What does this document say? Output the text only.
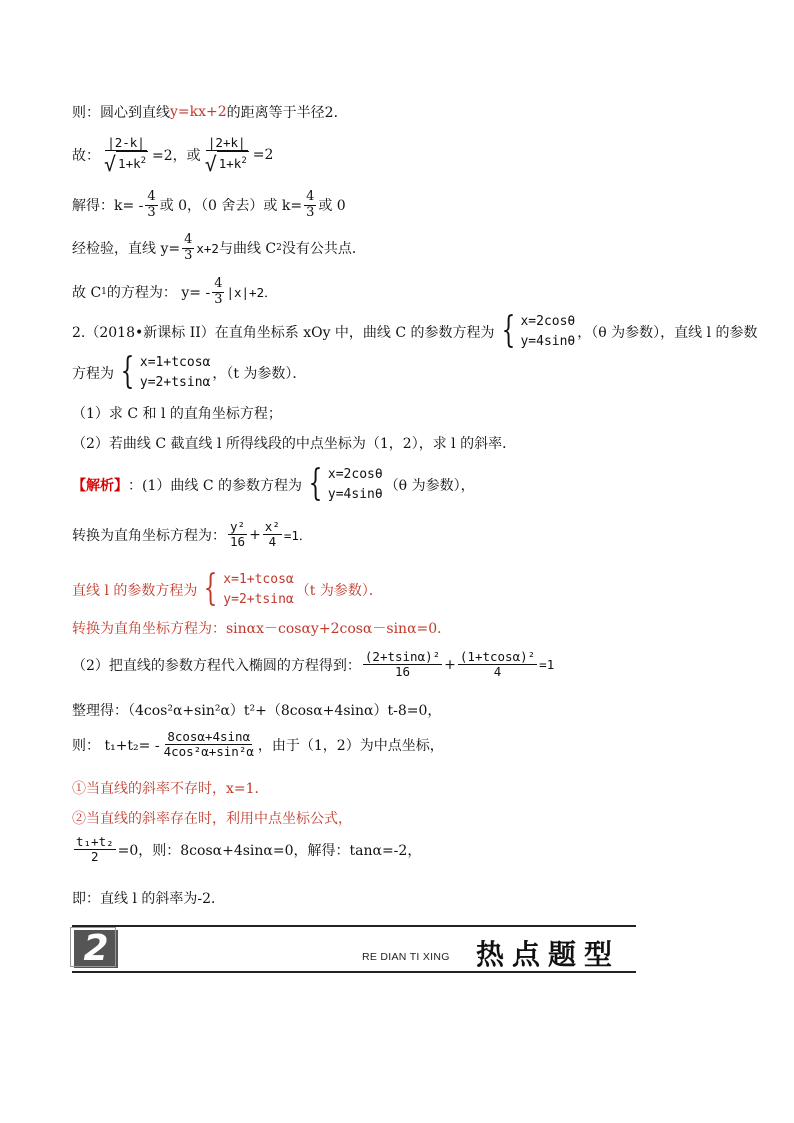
则：圆心到直线 y=kx+2 的距离等于半径 2．
故： $\frac{|2-k|}{√ 1+k^2} =2$，或 $\frac{|2+k|}{√ 1+k^2} =2$
解得：$k= - \frac{4}{3}$ 或 0，（0 舍去）或 $k= \frac{4}{3}$ 或 0
经检验，直线 $y= \frac{4}{3} x+2$ 与曲线 C 2 没有公共点．
故 C 1 的方程为： $y= - \frac{4}{3} |x|+2$．
2.（2018•新课标 II）在直角坐标系 xOy 中，曲线 C 的参数方程为 { x=2cosθ
y=4sinθ
，（θ 为参数），直线 l 的参数
方程为 { x=1+tcosα
y=2+tsinα
，（t 为参数）．
（1）求 C 和 l 的直角坐标方程；
（2）若曲线 C 截直线 l 所得线段的中点坐标为（1，2），求 l 的斜率．
【解析】 ：(1）曲线 C 的参数方程为 { x=2cosθ
y=4sinθ
（θ 为参数），
转换为直角坐标方程为： $\frac{\text{y²}}{16} + \frac{\text{x²}}{4} =1$．
直线 l 的参数方程为 { x=1+tcosα
y=2+tsinα
（t 为参数）．
转换为直角坐标方程为：sinαx－cosαy+2cosα－sinα=0．
（2）把直线的参数方程代入椭圆的方程得到： $\frac{\text{(2+tsinα)²}}{16} + \frac{\text{(1+tcosα)²}}{4} =1$
整理得：（4cos²α+sin²α）t²+（8cosα+4sinα）t-8=0，
则： $t_1+t_2= - \frac{8\cos\alpha+4\sin\alpha}{\text{4cos²α+sin²α}}$ ，由于（1，2）为中点坐标，
①当直线的斜率不存时，x=1．
②当直线的斜率存在时，利用中点坐标公式，
$\frac{\text{t₁+t₂}}{2} =0$，则：8cosα+4sinα=0，解得：tanα=-2，
即：直线 l 的斜率为-2．
2	RE DIAN TI XING 热点题型
